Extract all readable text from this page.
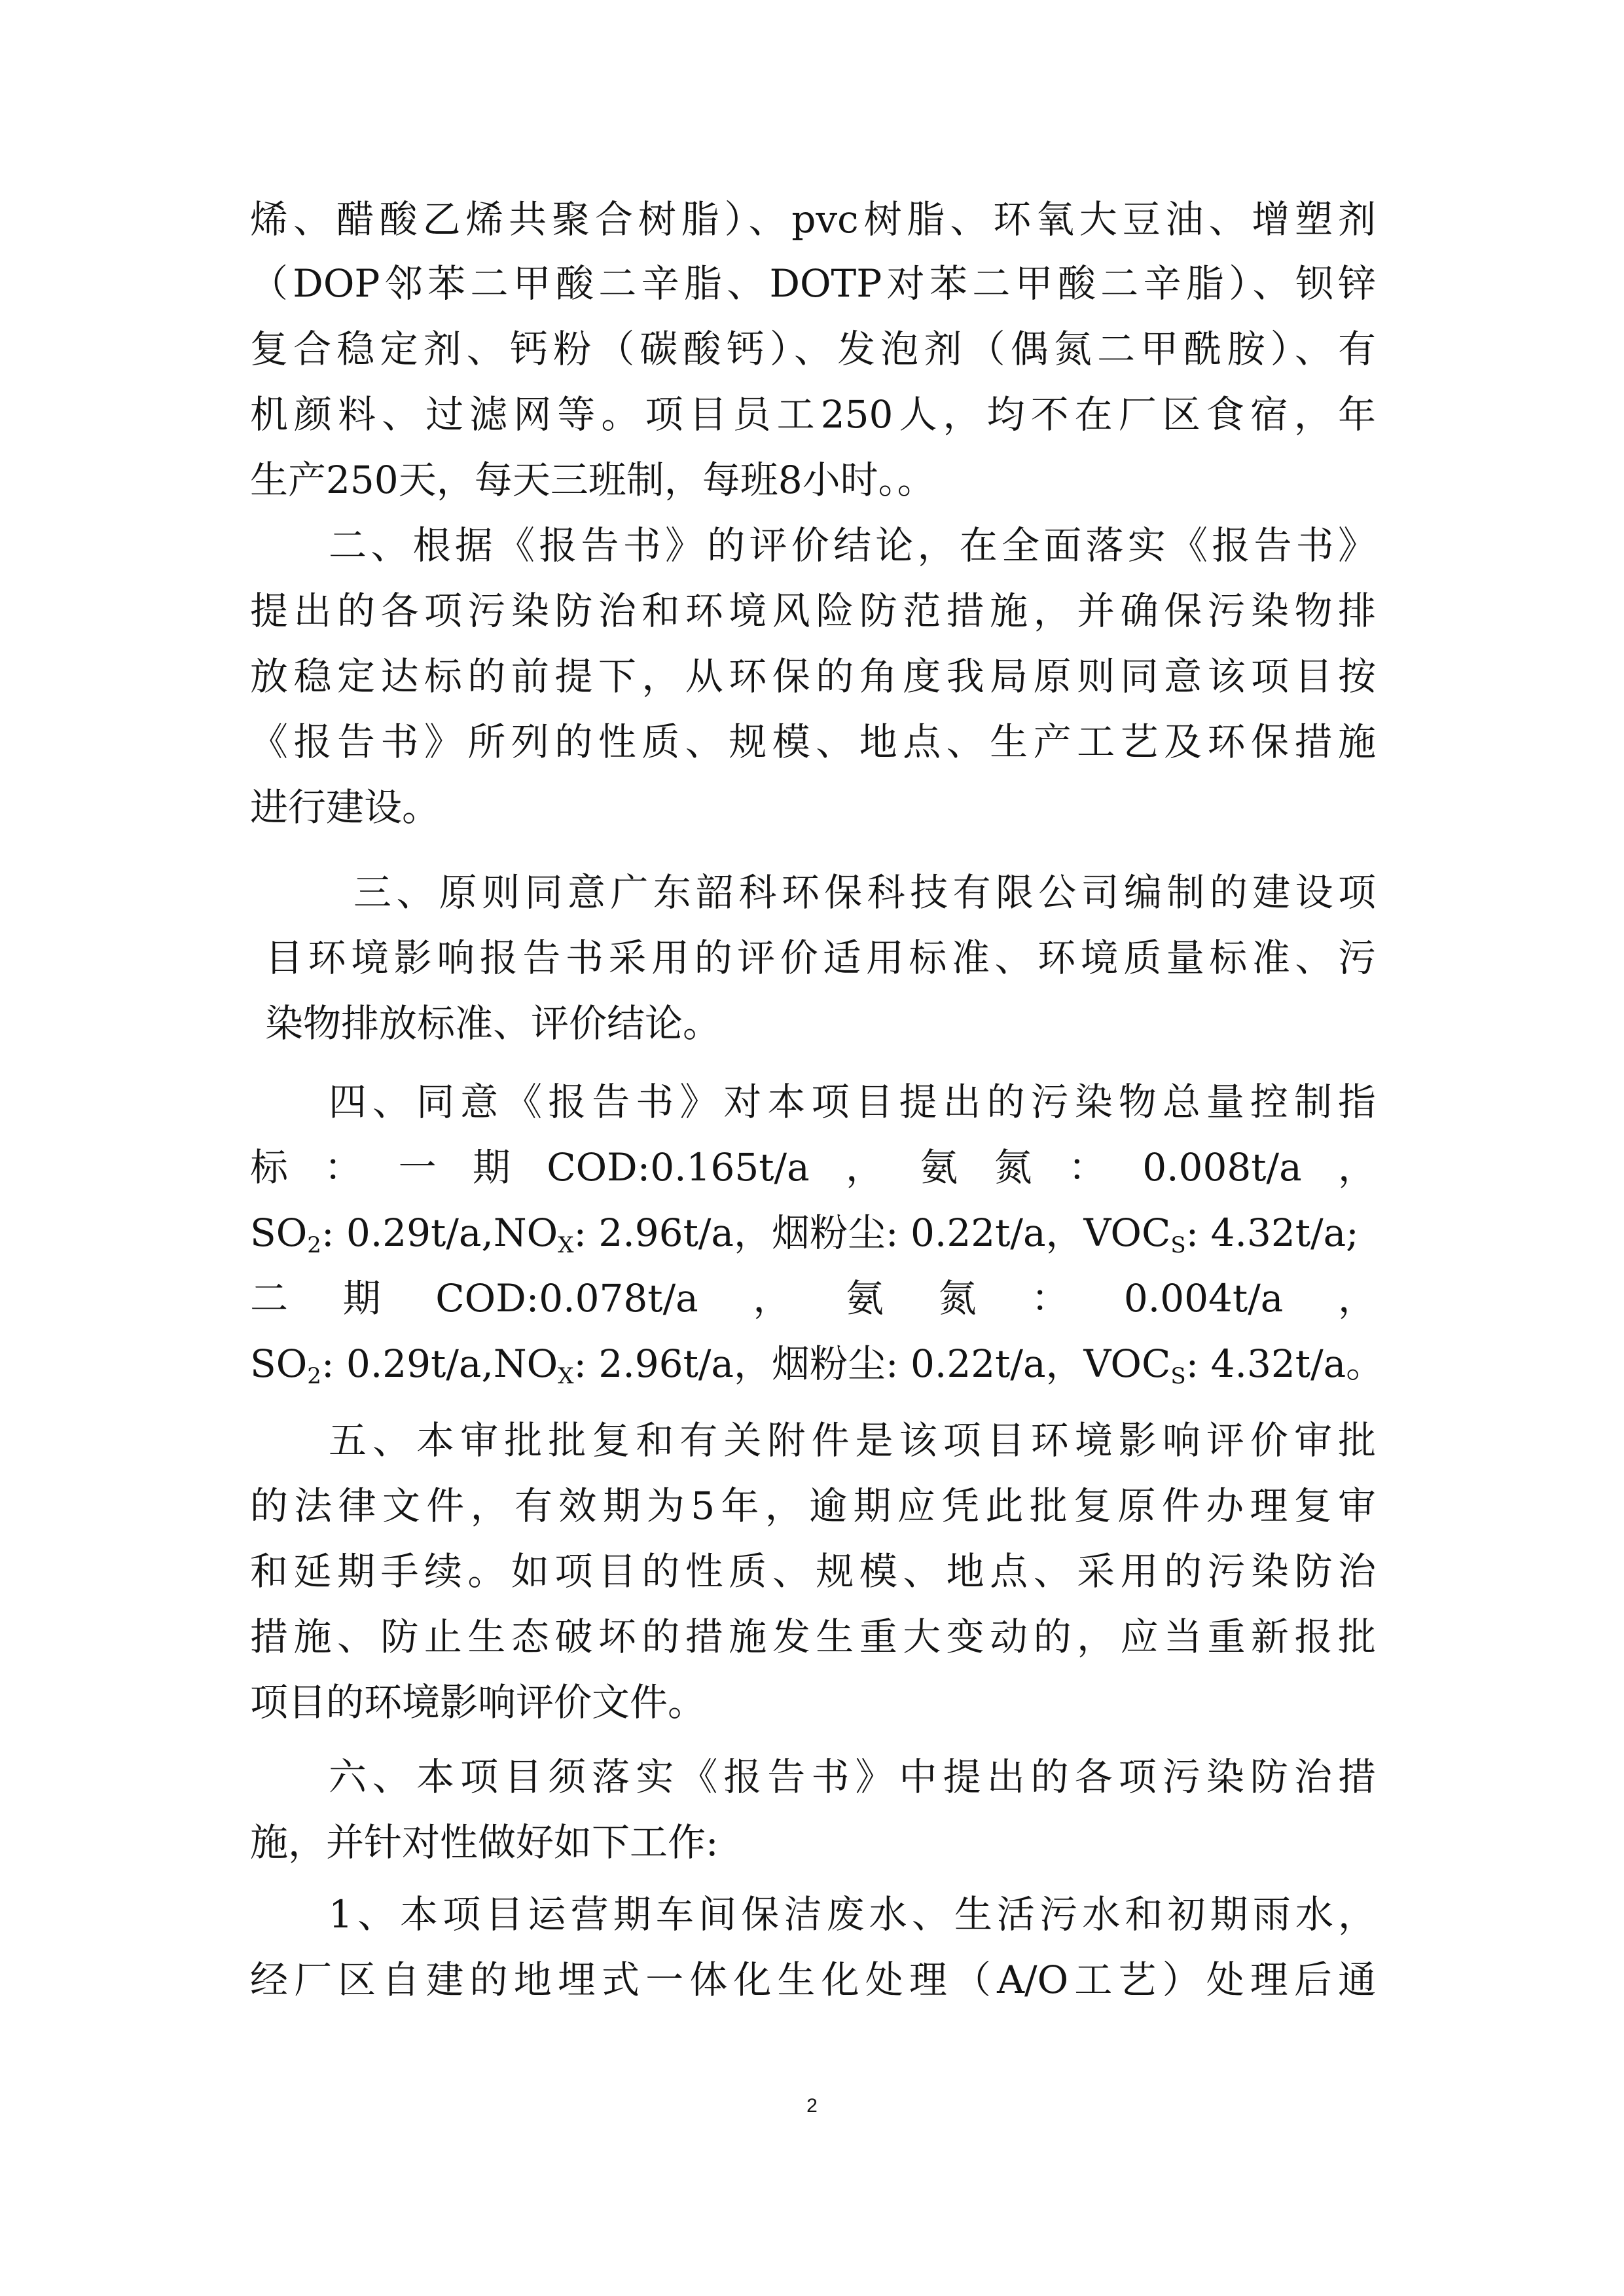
烯、醋酸乙烯共聚合树脂）、pvc树脂、环氧大豆油、增塑剂
（DOP邻苯二甲酸二辛脂、DOTP对苯二甲酸二辛脂）、钡锌
复合稳定剂、钙粉（碳酸钙）、发泡剂（偶氮二甲酰胺）、有
机颜料、过滤网等。项目员工250人，均不在厂区食宿，年
生产250天，每天三班制，每班8小时。。
二、根据《报告书》的评价结论，在全面落实《报告书》
提出的各项污染防治和环境风险防范措施，并确保污染物排
放稳定达标的前提下，从环保的角度我局原则同意该项目按
《报告书》所列的性质、规模、地点、生产工艺及环保措施
进行建设。
三、原则同意广东韶科环保科技有限公司编制的建设项
目环境影响报告书采用的评价适用标准、环境质量标准、污
染物排放标准、评价结论。
四、同意《报告书》对本项目提出的污染物总量控制指
标：一期COD:0.165t/a，氨氮：0.008t/a，
$SO_2$: $0.29t/a,NO_X$: 2.96t/a，烟粉尘: 0.22t/a，$VOC_S$: 4.32t/a;
二期COD:0.078t/a，氨氮：0.004t/a，
$SO_2$: $0.29t/a,NO_X$: 2.96t/a，烟粉尘: 0.22t/a，$VOC_S$: 4.32t/a。
五、本审批批复和有关附件是该项目环境影响评价审批
的法律文件，有效期为5年，逾期应凭此批复原件办理复审
和延期手续。如项目的性质、规模、地点、采用的污染防治
措施、防止生态破坏的措施发生重大变动的，应当重新报批
项目的环境影响评价文件。
六、本项目须落实《报告书》中提出的各项污染防治措
施，并针对性做好如下工作:
1、本项目运营期车间保洁废水、生活污水和初期雨水，
经厂区自建的地埋式一体化生化处理（A/O工艺）处理后通
2
